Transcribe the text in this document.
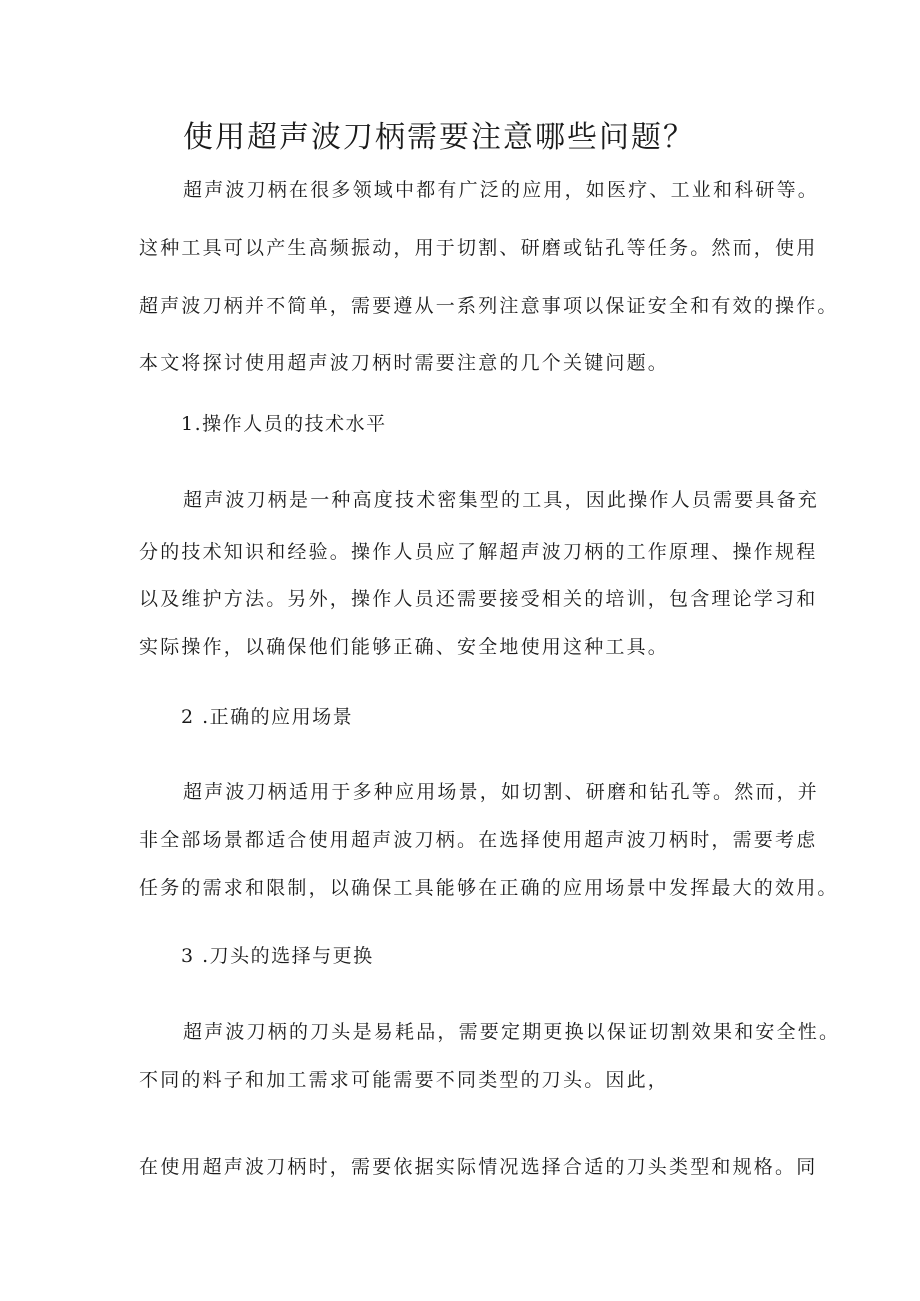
使用超声波刀柄需要注意哪些问题？
超声波刀柄在很多领域中都有广泛的应用，如医疗、工业和科研等。
这种工具可以产生高频振动，用于切割、研磨或钻孔等任务。然而，使用
超声波刀柄并不简单，需要遵从一系列注意事项以保证安全和有效的操作。
本文将探讨使用超声波刀柄时需要注意的几个关键问题。
1.操作人员的技术水平
超声波刀柄是一种高度技术密集型的工具，因此操作人员需要具备充
分的技术知识和经验。操作人员应了解超声波刀柄的工作原理、操作规程
以及维护方法。另外，操作人员还需要接受相关的培训，包含理论学习和
实际操作，以确保他们能够正确、安全地使用这种工具。
2 .正确的应用场景
超声波刀柄适用于多种应用场景，如切割、研磨和钻孔等。然而，并
非全部场景都适合使用超声波刀柄。在选择使用超声波刀柄时，需要考虑
任务的需求和限制，以确保工具能够在正确的应用场景中发挥最大的效用。
3 .刀头的选择与更换
超声波刀柄的刀头是易耗品，需要定期更换以保证切割效果和安全性。
不同的料子和加工需求可能需要不同类型的刀头。因此，
在使用超声波刀柄时，需要依据实际情况选择合适的刀头类型和规格。同
